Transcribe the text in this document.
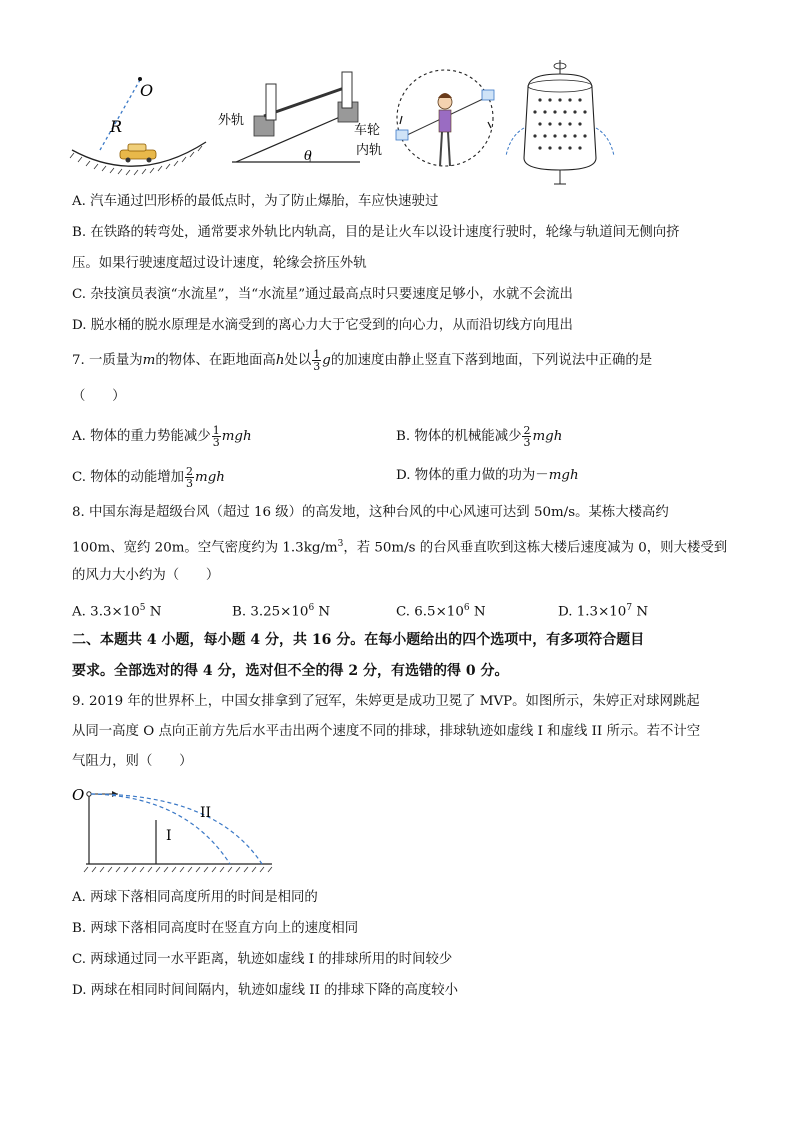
O
R
θ
外轨
车轮
内轨
A. 汽车通过凹形桥的最低点时，为了防止爆胎，车应快速驶过
B. 在铁路的转弯处，通常要求外轨比内轨高，目的是让火车以设计速度行驶时，轮缘与轨道间无侧向挤
压。如果行驶速度超过设计速度，轮缘会挤压外轨
C. 杂技演员表演“水流星”，当“水流星”通过最高点时只要速度足够小，水就不会流出
D. 脱水桶的脱水原理是水滴受到的离心力大于它受到的向心力，从而沿切线方向甩出
7. 一质量为m的物体、在距地面高h处以 $\frac{1}{3}$ g的加速度由静止竖直下落到地面，下列说法中正确的是
（　　）
A. 物体的重力势能减少 $\frac{1}{3}$ mgh	B. 物体的机械能减少 $\frac{2}{3}$ mgh
C. 物体的动能增加 $\frac{2}{3}$ mgh	D. 物体的重力做的功为－mgh
8. 中国东海是超级台风（超过 16 级）的高发地，这种台风的中心风速可达到 50m/s。某栋大楼高约
100m、宽约 20m。空气密度约为 $1.3kg/m^3$，若 50m/s 的台风垂直吹到这栋大楼后速度减为 0，则大楼受到
的风力大小约为（　　）
A. $3.3\times 10^5$ N	B. $3.25\times 10^6$ N	C. $6.5\times 10^6$ N	D. $1.3\times 10^7$ N
二、本题共 4 小题，每小题 4 分，共 16 分。在每小题给出的四个选项中，有多项符合题目
要求。全部选对的得 4 分，选对但不全的得 2 分，有选错的得 0 分。
9. 2019 年的世界杯上，中国女排拿到了冠军，朱婷更是成功卫冕了 MVP。如图所示，朱婷正对球网跳起
从同一高度 O 点向正前方先后水平击出两个速度不同的排球，排球轨迹如虚线 I 和虚线 II 所示。若不计空
气阻力，则（　　）
O
I
II
A. 两球下落相同高度所用的时间是相同的
B. 两球下落相同高度时在竖直方向上的速度相同
C. 两球通过同一水平距离，轨迹如虚线 I 的排球所用的时间较少
D. 两球在相同时间间隔内，轨迹如虚线 II 的排球下降的高度较小
